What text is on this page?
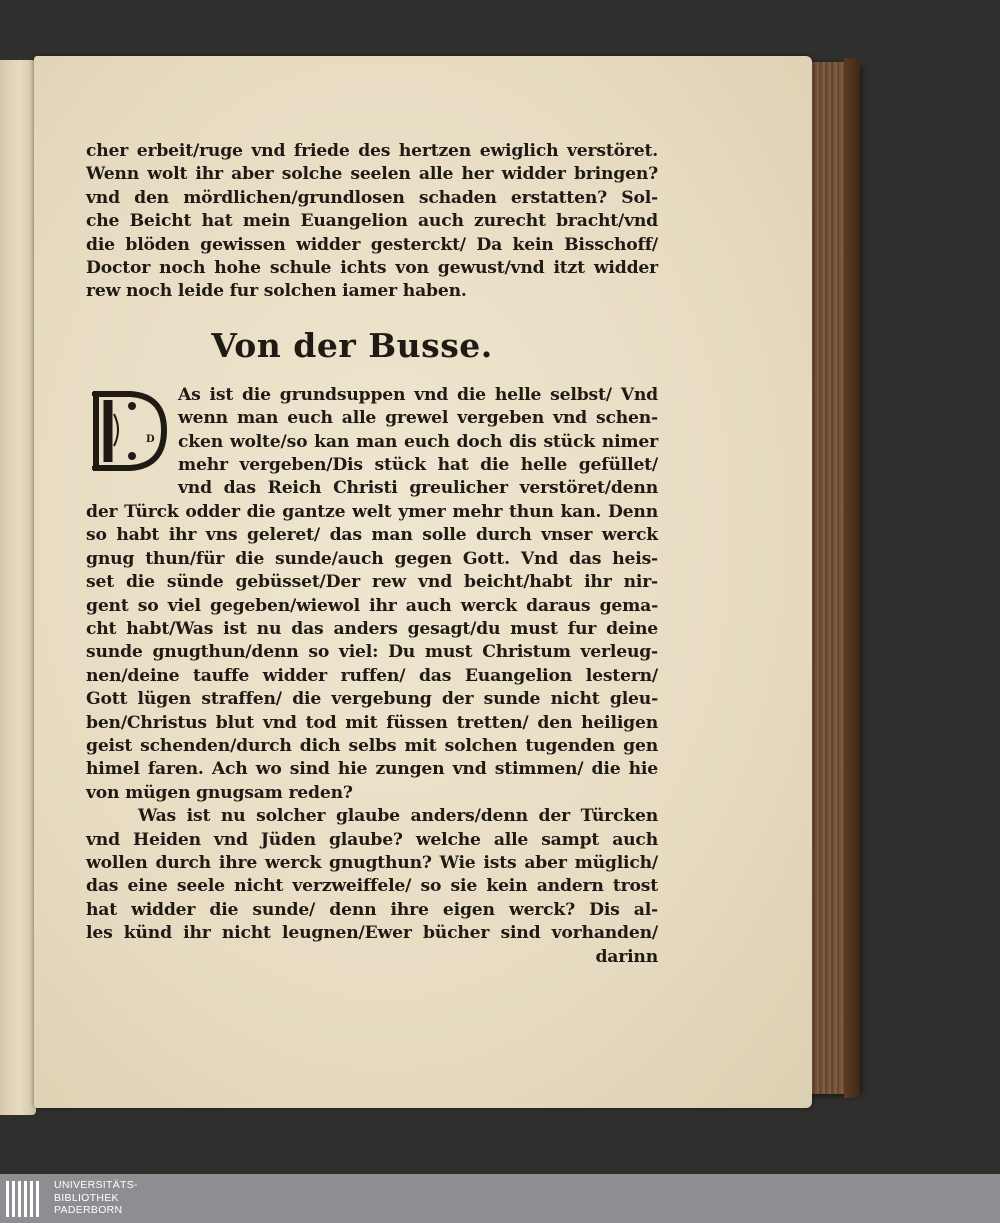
cher erbeit/ruge vnd friede des hertzen ewiglich verstöret.
Wenn wolt ihr aber solche seelen alle her widder bringen?
vnd den mördlichen/grundlosen schaden erstatten? Sol-
che Beicht hat mein Euangelion auch zurecht bracht/vnd
die blöden gewissen widder gesterckt/ Da kein Bisschoff/
Doctor noch hohe schule ichts von gewust/vnd itzt widder
rew noch leide fur solchen iamer haben.
Von der Busse.
D
As ist die grundsuppen vnd die helle selbst/ Vnd
wenn man euch alle grewel vergeben vnd schen-
cken wolte/so kan man euch doch dis stück nimer
mehr vergeben/Dis stück hat die helle gefüllet/
vnd das Reich Christi greulicher verstöret/denn
der Türck odder die gantze welt ymer mehr thun kan. Denn
so habt ihr vns geleret/ das man solle durch vnser werck
gnug thun/für die sunde/auch gegen Gott. Vnd das heis-
set die sünde gebüsset/Der rew vnd beicht/habt ihr nir-
gent so viel gegeben/wiewol ihr auch werck daraus gema-
cht habt/Was ist nu das anders gesagt/du must fur deine
sunde gnugthun/denn so viel: Du must Christum verleug-
nen/deine tauffe widder ruffen/ das Euangelion lestern/
Gott lügen straffen/ die vergebung der sunde nicht gleu-
ben/Christus blut vnd tod mit füssen tretten/ den heiligen
geist schenden/durch dich selbs mit solchen tugenden gen
himel faren. Ach wo sind hie zungen vnd stimmen/ die hie
von mügen gnugsam reden?
Was ist nu solcher glaube anders/denn der Türcken
vnd Heiden vnd Jüden glaube? welche alle sampt auch
wollen durch ihre werck gnugthun? Wie ists aber müglich/
das eine seele nicht verzweiffele/ so sie kein andern trost
hat widder die sunde/ denn ihre eigen werck? Dis al-
les künd ihr nicht leugnen/Ewer bücher sind vorhanden/
darinn
UNIVERSITÄTS-
BIBLIOTHEK
PADERBORN
